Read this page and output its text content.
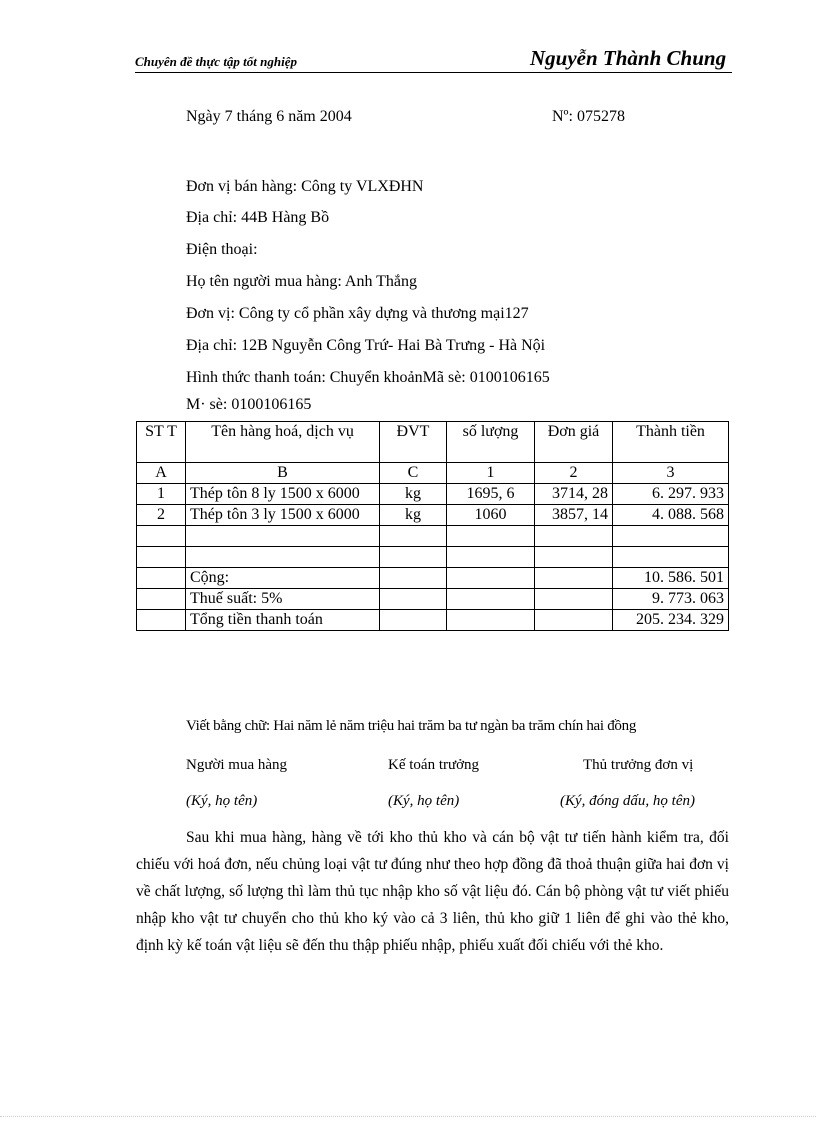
Chuyên đề thực tập tốt nghiệp	Nguyễn Thành Chung
Ngày 7 tháng 6 năm 2004	Nº: 075278
Đơn vị bán hàng: Công ty VLXĐHN
Địa chỉ: 44B Hàng Bồ
Điện thoại:
Họ tên người mua hàng: Anh Thắng
Đơn vị: Công ty cổ phần xây dựng và thương mại127
Địa chỉ: 12B Nguyễn Công Trứ- Hai Bà Trưng - Hà Nội
Hình thức thanh toán: Chuyển khoảnMã sè: 0100106165
M· sè: 0100106165
ST T	Tên hàng hoá, dịch vụ	ĐVT	số lượng	Đơn giá	Thành tiền
A	B	C	1	2	3
1	Thép tôn 8 ly 1500 x 6000	kg	1695, 6	3714, 28	6. 297. 933
2	Thép tôn 3 ly 1500 x 6000	kg	1060	3857, 14	4. 088. 568

	Cộng:				10. 586. 501
	Thuế suất: 5%				9. 773. 063
	Tổng tiền thanh toán				205. 234. 329
Viết bằng chữ: Hai năm lẻ năm triệu hai trăm ba tư ngàn ba trăm chín hai đồng
Người mua hàng	Kế toán trưởng	Thủ trưởng đơn vị
(Ký, họ tên)	(Ký, họ tên)	(Ký, đóng dấu, họ tên)

Sau khi mua hàng, hàng về tới kho thủ kho và cán bộ vật tư tiến hành kiểm tra, đối chiếu với hoá đơn, nếu chủng loại vật tư đúng như theo hợp đồng đã thoả thuận giữa hai đơn vị về chất lượng, số lượng thì làm thủ tục nhập kho số vật liệu đó. Cán bộ phòng vật tư viết phiếu nhập kho vật tư chuyển cho thủ kho ký vào cả 3 liên, thủ kho giữ 1 liên để ghi vào thẻ kho, định kỳ kế toán vật liệu sẽ đến thu thập phiếu nhập, phiếu xuất đối chiếu với thẻ kho.
